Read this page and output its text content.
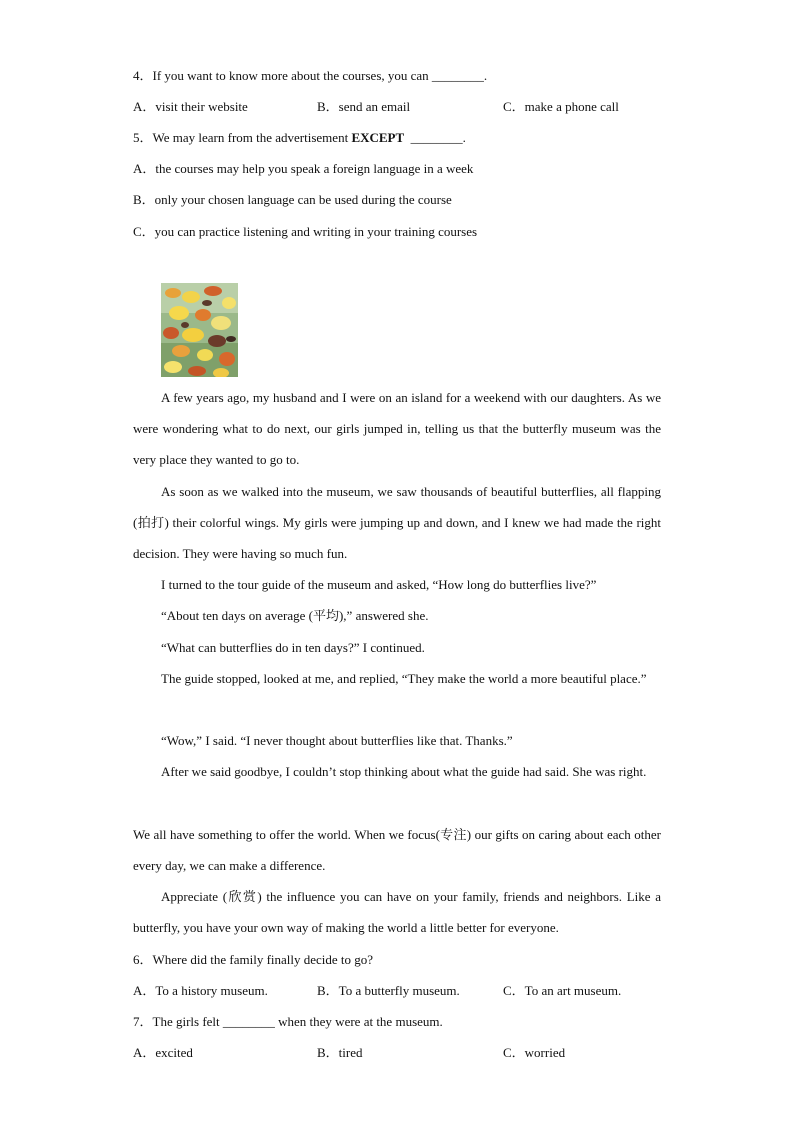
4．If you want to know more about the courses, you can ________.
A．visit their website	B．send an email	C．make a phone call
5．We may learn from the advertisement EXCEPT  ________.
A．the courses may help you speak a foreign language in a week
B．only your chosen language can be used during the course
C．you can practice listening and writing in your training courses
A few years ago, my husband and I were on an island for a weekend with our daughters. As we were wondering what to do next, our girls jumped in, telling us that the butterfly museum was the very place they wanted to go to.
As soon as we walked into the museum, we saw thousands of beautiful butterflies, all flapping (拍打) their colorful wings. My girls were jumping up and down, and I knew we had made the right decision. They were having so much fun.
I turned to the tour guide of the museum and asked, “How long do butterflies live?”
“About ten days on average (平均),” answered she.
“What can butterflies do in ten days?” I continued.
The guide stopped, looked at me, and replied, “They make the world a more beautiful place.”
“Wow,” I said. “I never thought about butterflies like that. Thanks.”
After we said goodbye, I couldn’t stop thinking about what the guide had said. She was right.
We all have something to offer the world. When we focus(专注) our gifts on caring about each other every day, we can make a difference.
Appreciate (欣赏) the influence you can have on your family, friends and neighbors. Like a butterfly, you have your own way of making the world a little better for everyone.
6．Where did the family finally decide to go?
A．To a history museum.	B．To a butterfly museum.	C．To an art museum.
7．The girls felt ________ when they were at the museum.
A．excited	B．tired	C．worried
